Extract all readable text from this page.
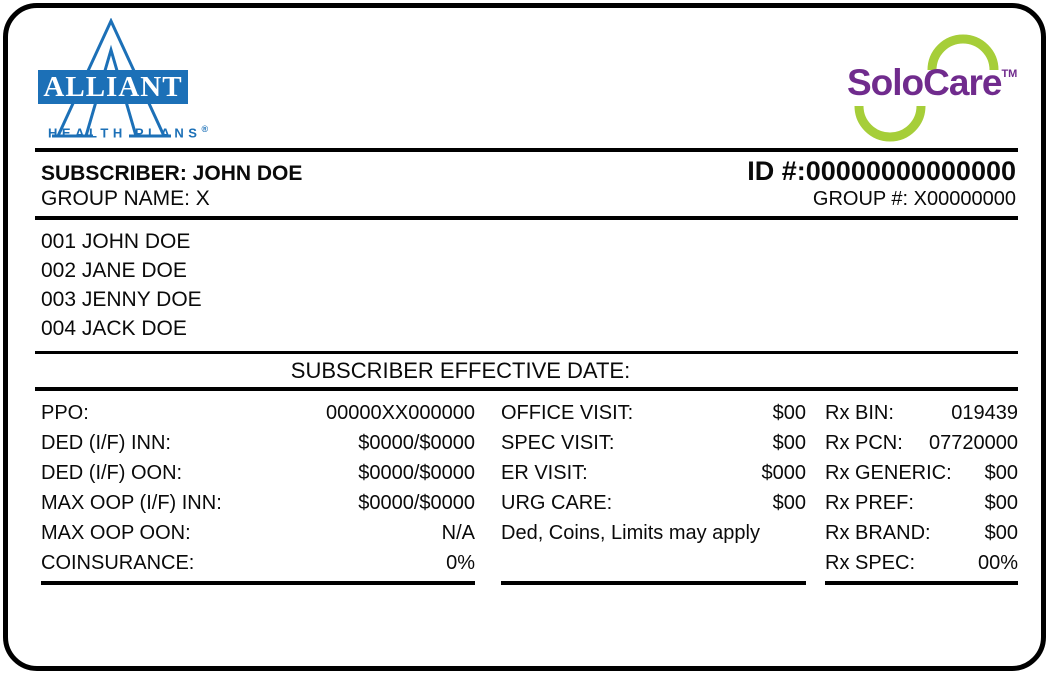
ALLIANT
HEALTH PLANS®
SoloCare™
SUBSCRIBER: JOHN DOE	ID #:00000000000000
GROUP NAME: X	GROUP #: X00000000
001 JOHN DOE
002 JANE DOE
003 JENNY DOE
004 JACK DOE
SUBSCRIBER EFFECTIVE DATE:
PPO:	00000XX000000
DED (I/F) INN:	$0000/$0000
DED (I/F) OON:	$0000/$0000
MAX OOP (I/F) INN:	$0000/$0000
MAX OOP OON:	N/A
COINSURANCE:	0%
OFFICE VISIT:	$00
SPEC VISIT:	$00
ER VISIT:	$000
URG CARE:	$00
Ded, Coins, Limits may apply
Rx BIN:	019439
Rx PCN: 07720000
Rx GENERIC: $00
Rx PREF:	$00
Rx BRAND:	$00
Rx SPEC:	00%
